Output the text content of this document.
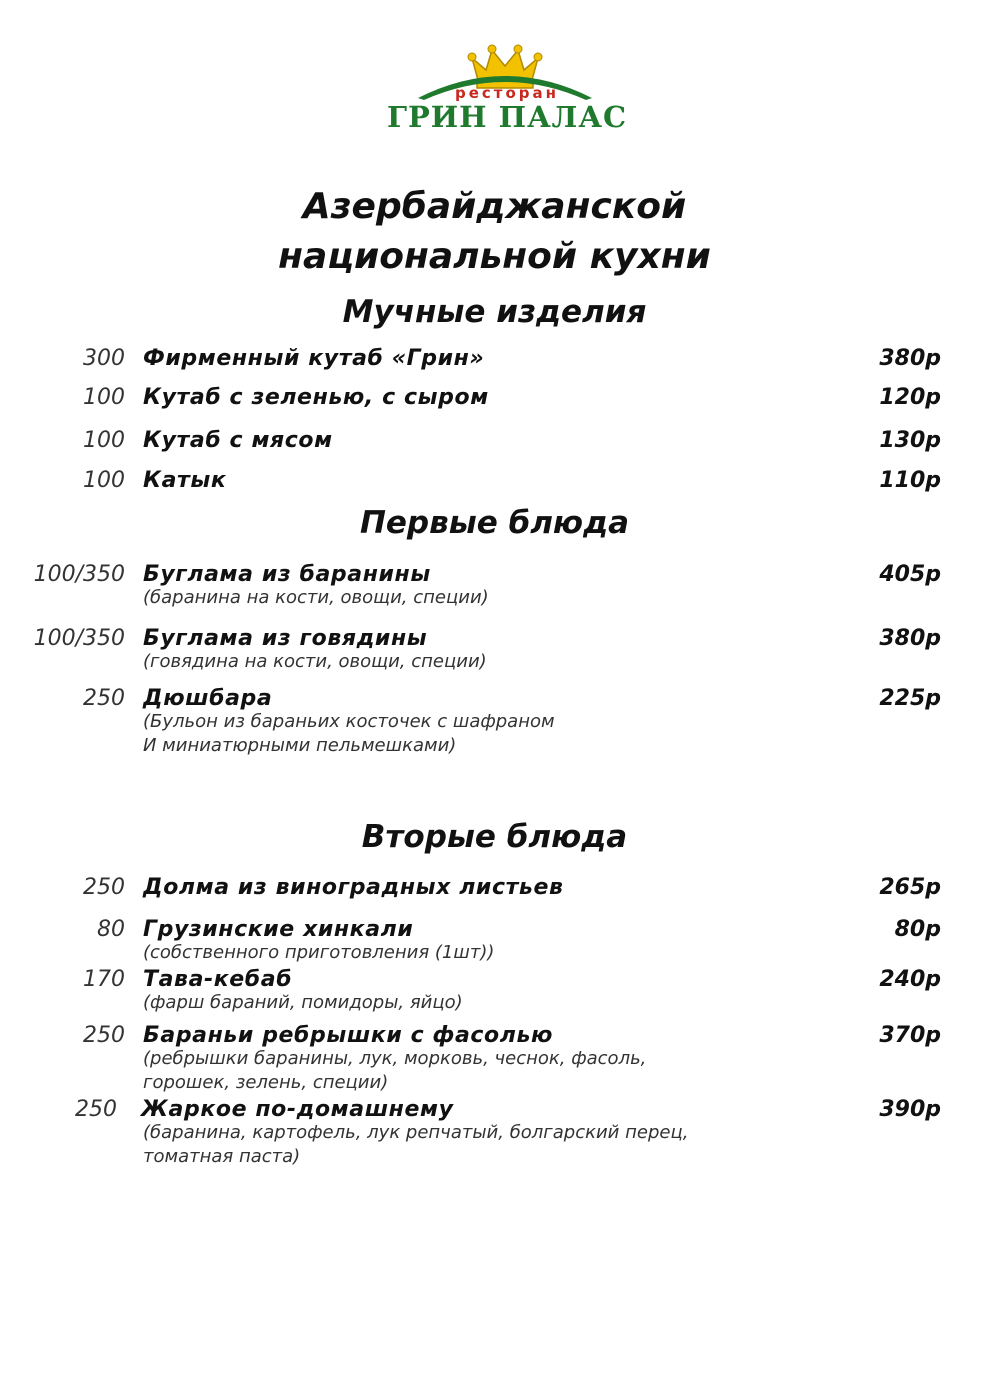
ресторан
ГРИН ПАЛАС
Азербайджанской национальной кухни
Мучные изделия
300 Фирменный кутаб «Грин»	380р
100 Кутаб с зеленью, с сыром	120р
100 Кутаб с мясом	130р
100 Катык	110р
Первые блюда
100/350 Буглама из баранины	405р
(баранина на кости, овощи, специи)
100/350 Буглама из говядины	380р
(говядина на кости, овощи, специи)
250 Дюшбара	225р
(Бульон из бараньих косточек с шафраном
И миниатюрными пельмешками)
Вторые блюда
250 Долма из виноградных листьев	265р
80 Грузинские хинкали	80р
(собственного приготовления (1шт))
170 Тава-кебаб	240р
(фарш бараний, помидоры, яйцо)
250 Бараньи ребрышки с фасолью	370р
(ребрышки баранины, лук, морковь, чеснок, фасоль,
горошек, зелень, специи)
250 Жаркое по-домашнему	390р
(баранина, картофель, лук репчатый, болгарский перец,
томатная паста)
